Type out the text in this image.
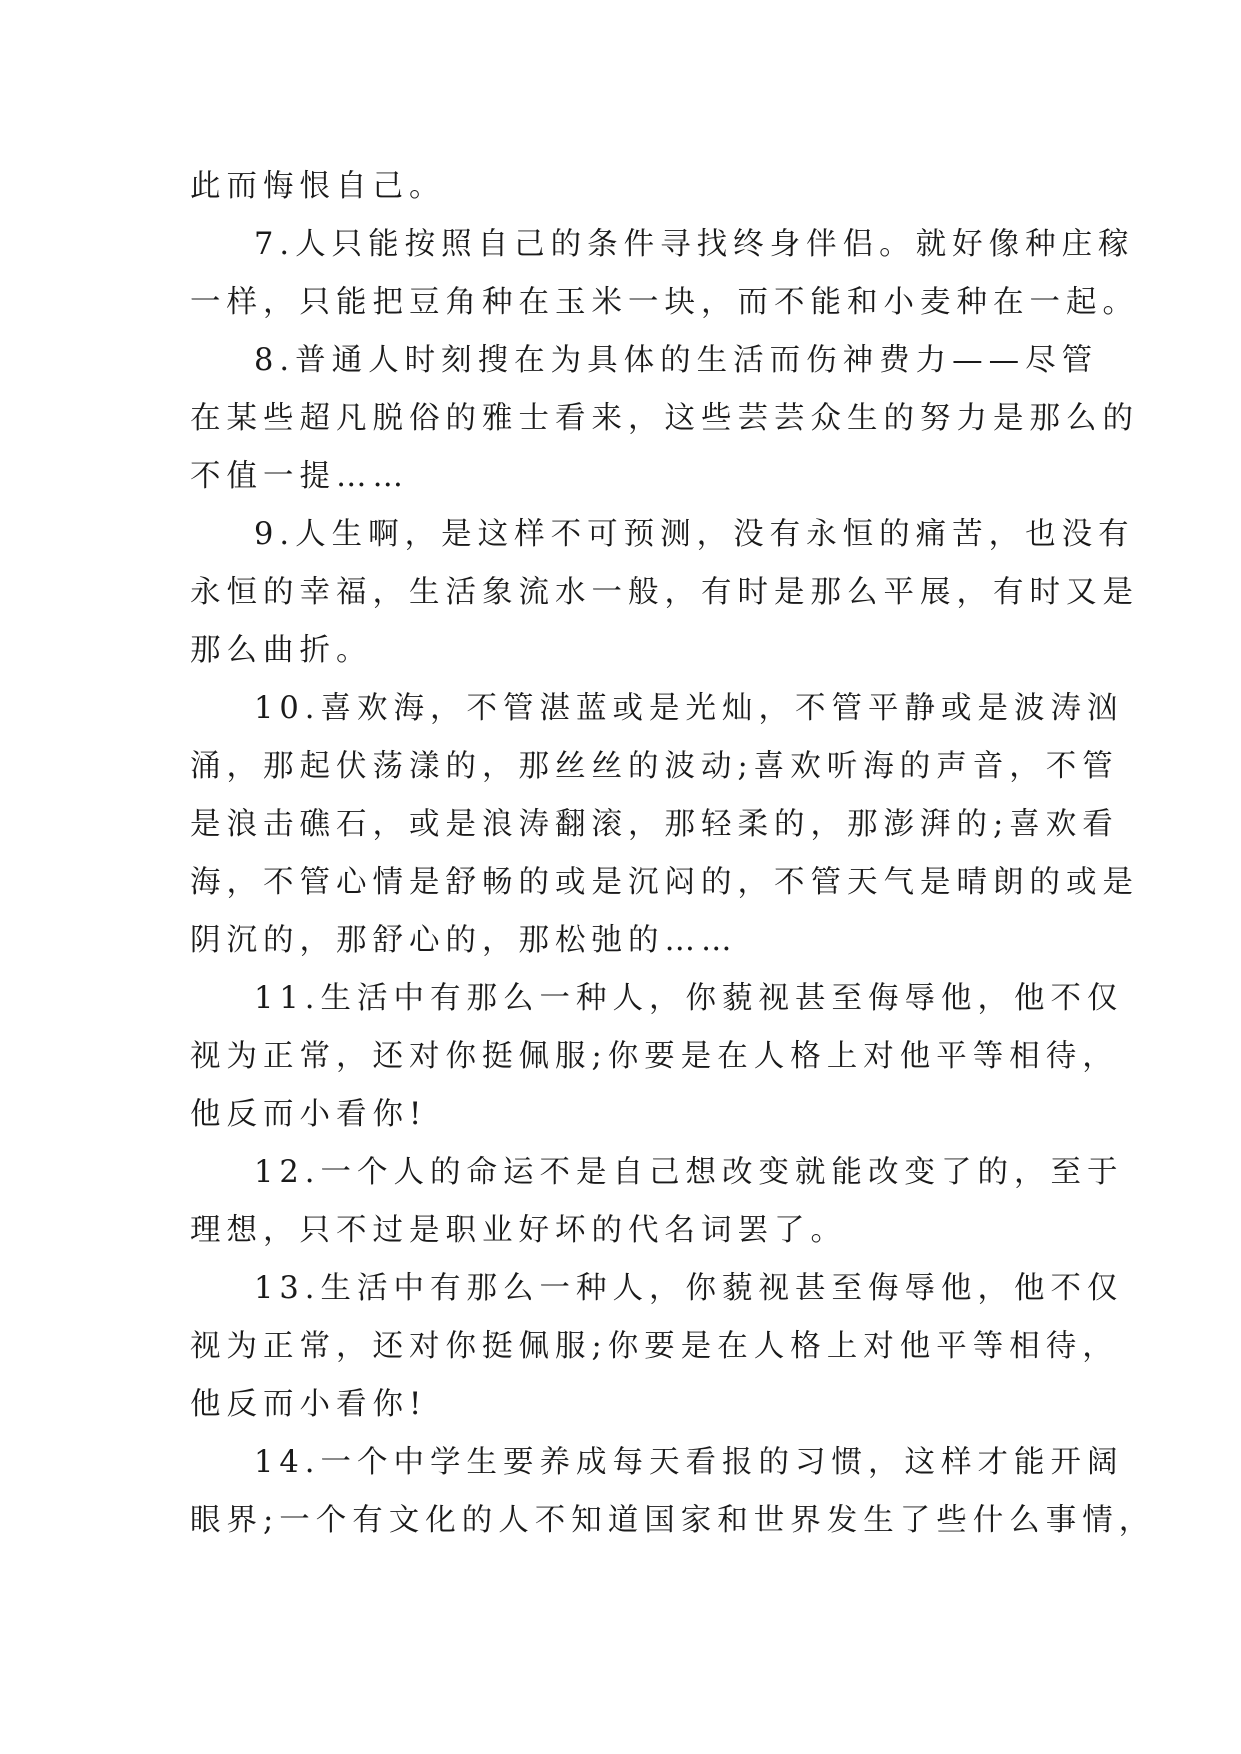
此而悔恨自己。
7.人只能按照自己的条件寻找终身伴侣。就好像种庄稼
一样，只能把豆角种在玉米一块，而不能和小麦种在一起。
8.普通人时刻搜在为具体的生活而伤神费力——尽管
在某些超凡脱俗的雅士看来，这些芸芸众生的努力是那么的
不值一提……
9.人生啊，是这样不可预测，没有永恒的痛苦，也没有
永恒的幸福，生活象流水一般，有时是那么平展，有时又是
那么曲折。
10.喜欢海，不管湛蓝或是光灿，不管平静或是波涛汹
涌，那起伏荡漾的，那丝丝的波动;喜欢听海的声音，不管
是浪击礁石，或是浪涛翻滚，那轻柔的，那澎湃的;喜欢看
海，不管心情是舒畅的或是沉闷的，不管天气是晴朗的或是
阴沉的，那舒心的，那松弛的……
11.生活中有那么一种人，你藐视甚至侮辱他，他不仅
视为正常，还对你挺佩服;你要是在人格上对他平等相待，
他反而小看你!
12.一个人的命运不是自己想改变就能改变了的，至于
理想，只不过是职业好坏的代名词罢了。
13.生活中有那么一种人，你藐视甚至侮辱他，他不仅
视为正常，还对你挺佩服;你要是在人格上对他平等相待，
他反而小看你!
14.一个中学生要养成每天看报的习惯，这样才能开阔
眼界;一个有文化的人不知道国家和世界发生了些什么事情，
